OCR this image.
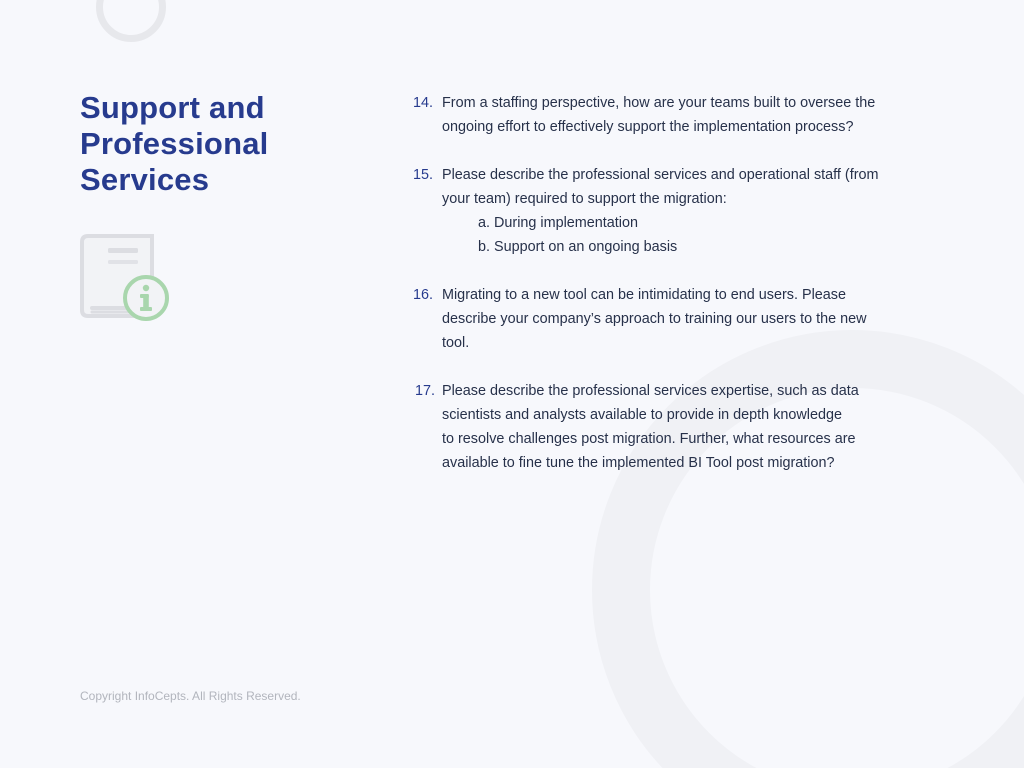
Support and
Professional
Services
14. From a staffing perspective, how are your teams built to oversee the
ongoing effort to effectively support the implementation process?
15. Please describe the professional services and operational staff (from
your team) required to support the migration:
a. During implementation
b. Support on an ongoing basis
16. Migrating to a new tool can be intimidating to end users. Please
describe your company’s approach to training our users to the new
tool.
17. Please describe the professional services expertise, such as data
scientists and analysts available to provide in depth knowledge
to resolve challenges post migration. Further, what resources are
available to fine tune the implemented BI Tool post migration?
Copyright InfoCepts. All Rights Reserved.
